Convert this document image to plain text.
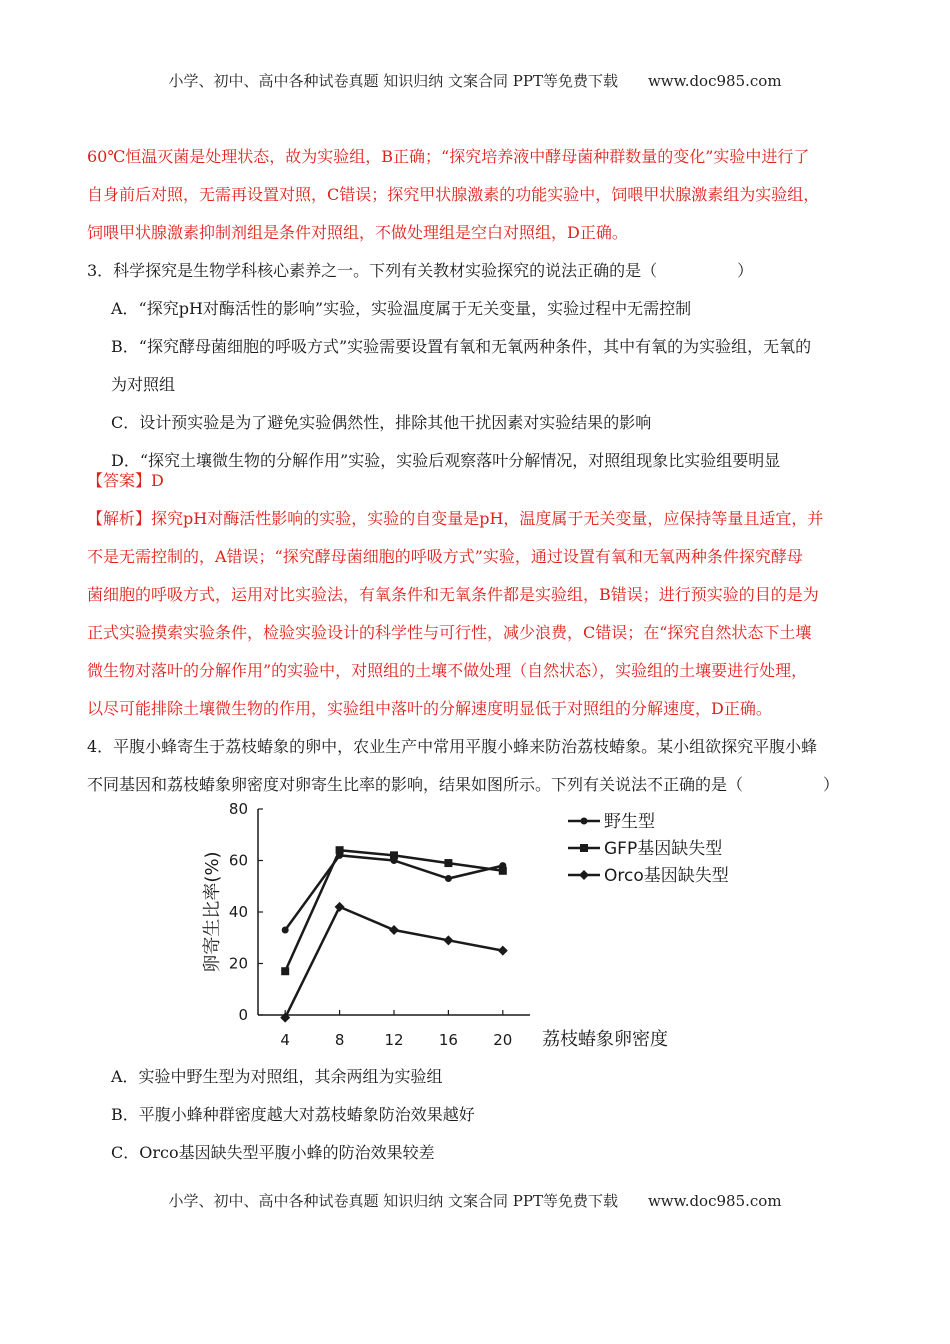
小学、初中、高中各种试卷真题 知识归纳 文案合同 PPT等免费下载 www.doc985.com

60℃恒温灭菌是处理状态，故为实验组，B正确；“探究培养液中酵母菌种群数量的变化”实验中进行了

自身前后对照，无需再设置对照，C错误；探究甲状腺激素的功能实验中，饲喂甲状腺激素组为实验组，

饲喂甲状腺激素抑制剂组是条件对照组，不做处理组是空白对照组，D正确。

3．科学探究是生物学科核心素养之一。下列有关教材实验探究的说法正确的是（　　　　　）

A．“探究pH对酶活性的影响”实验，实验温度属于无关变量，实验过程中无需控制

B．“探究酵母菌细胞的呼吸方式”实验需要设置有氧和无氧两种条件，其中有氧的为实验组，无氧的

为对照组

C．设计预实验是为了避免实验偶然性，排除其他干扰因素对实验结果的影响

D．“探究土壤微生物的分解作用”实验，实验后观察落叶分解情况，对照组现象比实验组要明显

【答案】D

【解析】探究pH对酶活性影响的实验，实验的自变量是pH，温度属于无关变量，应保持等量且适宜，并

不是无需控制的，A错误；“探究酵母菌细胞的呼吸方式”实验，通过设置有氧和无氧两种条件探究酵母

菌细胞的呼吸方式，运用对比实验法，有氧条件和无氧条件都是实验组，B错误；进行预实验的目的是为

正式实验摸索实验条件，检验实验设计的科学性与可行性，减少浪费，C错误；在“探究自然状态下土壤

微生物对落叶的分解作用”的实验中，对照组的土壤不做处理（自然状态），实验组的土壤要进行处理，

以尽可能排除土壤微生物的作用，实验组中落叶的分解速度明显低于对照组的分解速度，D正确。

4．平腹小蜂寄生于荔枝蝽象的卵中，农业生产中常用平腹小蜂来防治荔枝蝽象。某小组欲探究平腹小蜂

不同基因和荔枝蝽象卵密度对卵寄生比率的影响，结果如图所示。下列有关说法不正确的是（　　　　　）

0
20
40
60
80
4	8	12 16 20
卵寄生比率(%)
荔枝蝽象卵密度
野生型
GFP基因缺失型
Orco基因缺失型

A．实验中野生型为对照组，其余两组为实验组

B．平腹小蜂种群密度越大对荔枝蝽象防治效果越好

C．Orco基因缺失型平腹小蜂的防治效果较差

小学、初中、高中各种试卷真题 知识归纳 文案合同 PPT等免费下载 www.doc985.com
